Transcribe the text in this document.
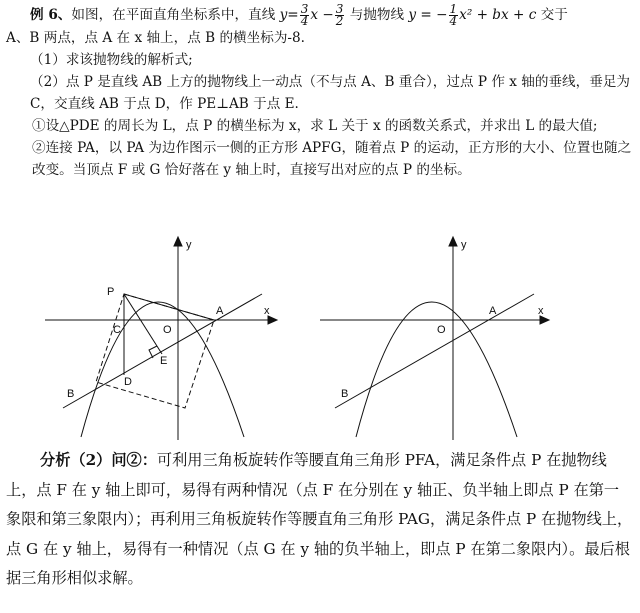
例 6、如图，在平面直角坐标系中，直线 $y= \frac{3}{4}$ $x - \frac{3}{2}$ 与抛物线 y = − $\frac{1}{4} x^2$ + bx + c 交于

A、B 两点，点 A 在 x 轴上，点 B 的横坐标为-8.

（1）求该抛物线的解析式;

（2）点 P 是直线 AB 上方的抛物线上一动点（不与点 A、B 重合），过点 P 作 x 轴的垂线，垂足为 C，交直线 AB 于点 D，作 PE⊥AB 于点 E.

①设△PDE 的周长为 L，点 P 的横坐标为 x，求 L 关于 x 的函数关系式，并求出 L 的最大值;

②连接 PA，以 PA 为边作图示一侧的正方形 APFG，随着点 P 的运动，正方形的大小、位置也随之改变。当顶点 F 或 G 恰好落在 y 轴上时，直接写出对应的点 P 的坐标。

y
x
O
A
B
P
C
D
E
y
x
O
A
B

分析（2）问②：可利用三角板旋转作等腰直角三角形 PFA，满足条件点 P 在抛物线上，点 F 在 y 轴上即可，易得有两种情况（点 F 在分别在 y 轴正、负半轴上即点 P 在第一象限和第三象限内）；再利用三角板旋转作等腰直角三角形 PAG，满足条件点 P 在抛物线上，点 G 在 y 轴上，易得有一种情况（点 G 在 y 轴的负半轴上，即点 P 在第二象限内）。最后根据三角形相似求解。
